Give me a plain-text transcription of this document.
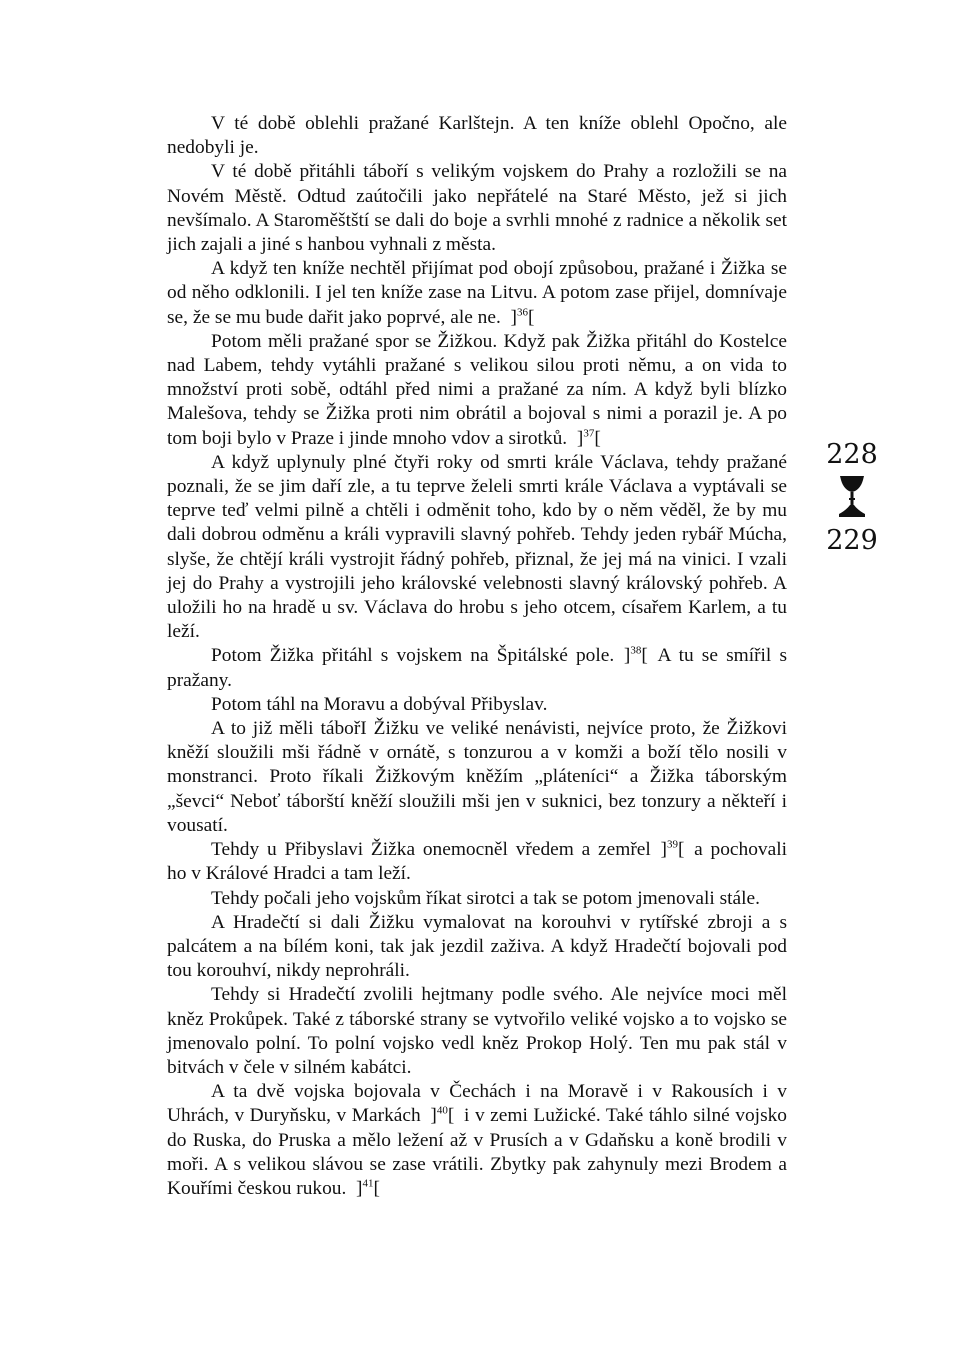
V té době oblehli pražané Karlštejn. A ten kníže oblehl Opočno, ale nedobyli je.

V té době přitáhli táboří s velikým vojskem do Prahy a rozložili se na Novém Městě. Odtud zaútočili jako nepřátelé na Staré Město, jež si jich nevšímalo. A Staroměštští se dali do boje a svrhli mnohé z radnice a několik set jich zajali a jiné s hanbou vyhnali z města.

A když ten kníže nechtěl přijímat pod obojí způsobou, pražané i Žižka se od něho odklonili. I jel ten kníže zase na Litvu. A potom zase přijel, domnívaje se, že se mu bude dařit jako poprvé, ale ne. ]$^{36}$[

Potom měli pražané spor se Žižkou. Když pak Žižka přitáhl do Kostelce nad Labem, tehdy vytáhli pražané s velikou silou proti němu, a on vida to množství proti sobě, odtáhl před nimi a pražané za ním. A když byli blízko Malešova, tehdy se Žižka proti nim obrátil a bojoval s nimi a porazil je. A po tom boji bylo v Praze i jinde mnoho vdov a sirotků. ]$^{37}$[

A když uplynuly plné čtyři roky od smrti krále Václava, tehdy pražané poznali, že se jim daří zle, a tu teprve želeli smrti krále Václava a vyptávali se teprve teď velmi pilně a chtěli i odměnit toho, kdo by o něm věděl, že by mu dali dobrou odměnu a králi vypravili slavný pohřeb. Tehdy jeden rybář Múcha, slyše, že chtějí králi vystrojit řádný pohřeb, přiznal, že jej má na vinici. I vzali jej do Prahy a vystrojili jeho královské velebnosti slavný královský pohřeb. A uložili ho na hradě u sv. Václava do hrobu s jeho otcem, císařem Karlem, a tu leží.

Potom Žižka přitáhl s vojskem na Špitálské pole. ]$^{38}$[  A tu se smířil s pražany.

Potom táhl na Moravu a dobýval Přibyslav.

A to již měli tábořI Žižku ve veliké nenávisti, nejvíce proto, že Žižkovi kněží sloužili mši řádně v ornátě, s tonzurou a v komži a boží tělo nosili v monstranci. Proto říkali Žižkovým kněžím „pláteníci“ a Žižka táborským „ševci“ Neboť táborští kněží sloužili mši jen v suknici, bez tonzury a někteří i vousatí.

Tehdy u Přibyslavi Žižka onemocněl vředem a zemřel ]$^{39}$[  a pochovali ho v Králové Hradci a tam leží.

Tehdy počali jeho vojskům říkat sirotci a tak se potom jmenovali stále.

A Hradečtí si dali Žižku vymalovat na korouhvi v rytířské zbroji a s palcátem a na bílém koni, tak jak jezdil zaživa. A když Hradečtí bojovali pod tou korouhví, nikdy neprohráli.

Tehdy si Hradečtí zvolili hejtmany podle svého. Ale nejvíce moci měl kněz Prokůpek. Také z táborské strany se vytvořilo veliké vojsko a to vojsko se jmenovalo polní. To polní vojsko vedl kněz Prokop Holý. Ten mu pak stál v bitvách v čele v silném kabátci.

A ta dvě vojska bojovala v Čechách i na Moravě i v Rakousích i v Uhrách, v Duryňsku, v Markách ]$^{40}$[  i v zemi Lužické. Také táhlo silné vojsko do Ruska, do Pruska a mělo ležení až v Prusích a v Gdaňsku a koně brodili v moři. A s velikou slávou se zase vrátili. Zbytky pak zahynuly mezi Brodem a Kouřími českou rukou. ]$^{41}$[

228
229
